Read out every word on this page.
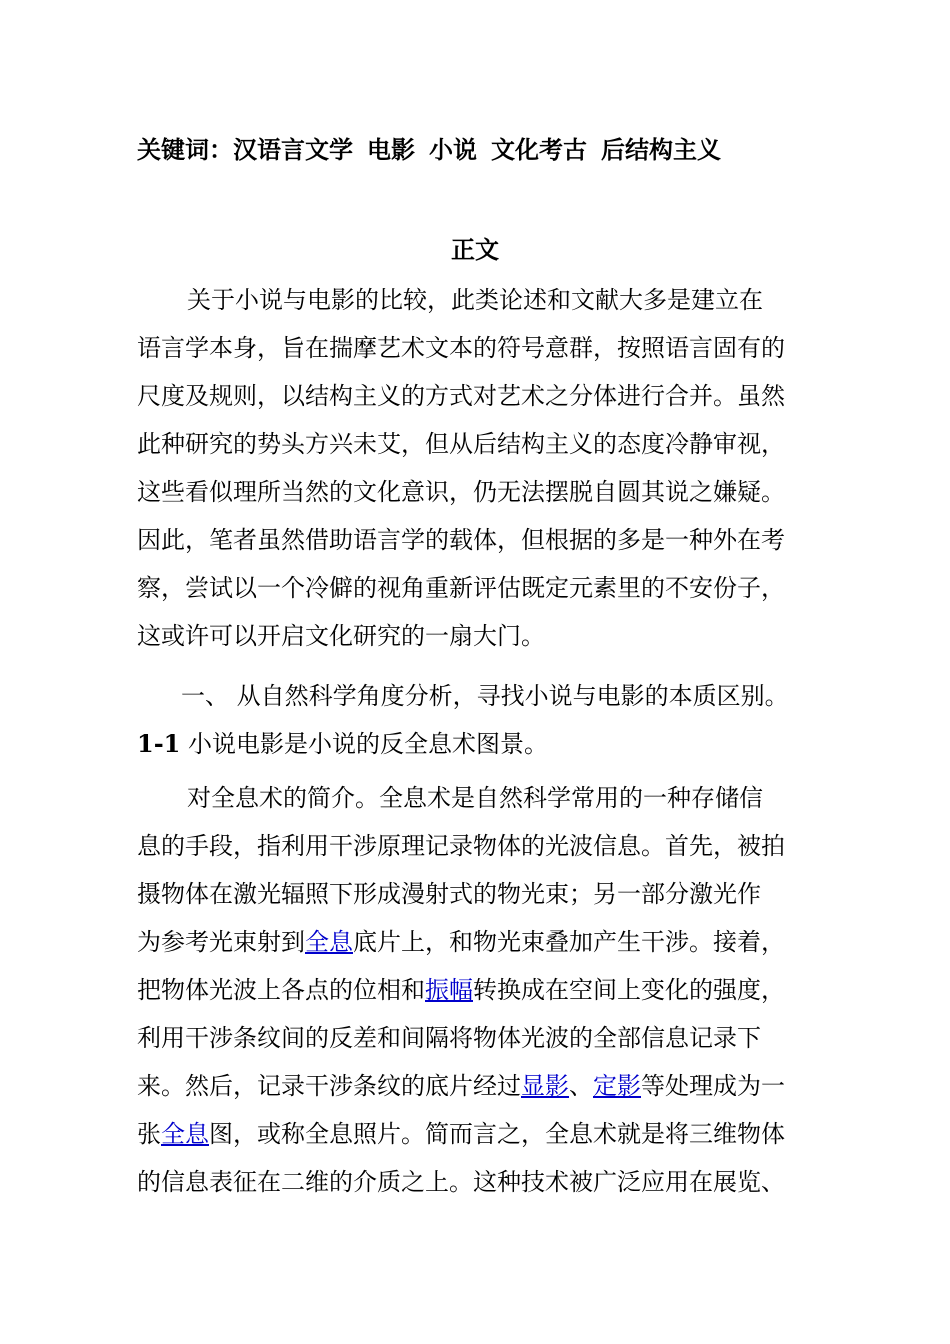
关键词：汉语言文学 电影 小说 文化考古 后结构主义
正文
关于小说与电影的比较，此类论述和文献大多是建立在
语言学本身，旨在揣摩艺术文本的符号意群，按照语言固有的
尺度及规则，以结构主义的方式对艺术之分体进行合并。虽然
此种研究的势头方兴未艾，但从后结构主义的态度冷静审视，
这些看似理所当然的文化意识，仍无法摆脱自圆其说之嫌疑。
因此，笔者虽然借助语言学的载体，但根据的多是一种外在考
察，尝试以一个冷僻的视角重新评估既定元素里的不安份子，
这或许可以开启文化研究的一扇大门。
一、 从自然科学角度分析，寻找小说与电影的本质区别。
1-1 小说电影是小说的反全息术图景。
对全息术的简介。全息术是自然科学常用的一种存储信
息的手段，指利用干涉原理记录物体的光波信息。首先，被拍
摄物体在激光辐照下形成漫射式的物光束；另一部分激光作
为参考光束射到全息底片上，和物光束叠加产生干涉。接着，
把物体光波上各点的位相和振幅转换成在空间上变化的强度，
利用干涉条纹间的反差和间隔将物体光波的全部信息记录下
来。然后，记录干涉条纹的底片经过显影、定影等处理成为一
张全息图，或称全息照片。简而言之，全息术就是将三维物体
的信息表征在二维的介质之上。这种技术被广泛应用在展览、
